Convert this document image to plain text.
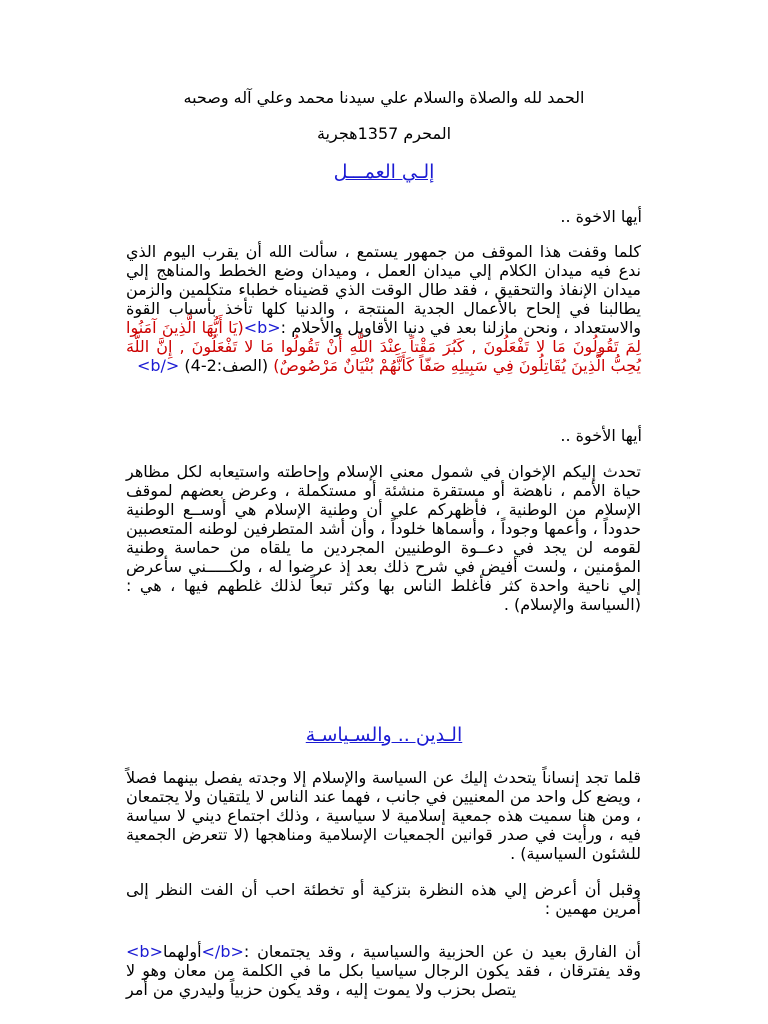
الحمد لله والصلاة والسلام علي سيدنا محمد وعلي آله وصحبه
المحرم 1357هجرية
إلـي العمـــل
أيها الاخوة ..
كلما وقفت هذا الموقف من جمهور يستمع ، سألت الله أن يقرب اليوم الذي ندع فيه ميدان الكلام إلي ميدان العمل ، وميدان وضع الخطط والمناهج إلي ميدان الإنفاذ والتحقيق ، فقد طال الوقت الذي قضيناه خطباء متكلمين والزمن يطالبنا في إلحاح بالأعمال الجدية المنتجة ، والدنيا كلها تأخذ بأسباب القوة والاستعداد ، ونحن مازلنا بعد في دنيا الأقاويل والأحلام :<b>(يَا أَيُّهَا الَّذِينَ آمَنُوا لِمَ تَقُولُونَ مَا لا تَفْعَلُونَ , كَبُرَ مَقْتاً عِنْدَ اللَّهِ أَنْ تَقُولُوا مَا لا تَفْعَلُونَ , إِنَّ اللَّهَ يُحِبُّ الَّذِينَ يُقَاتِلُونَ فِي سَبِيلِهِ صَفّاً كَأَنَّهُمْ بُنْيَانٌ مَرْصُوصٌ) (الصف:2-4) </b>
أيها الأخوة ..
تحدث إليكم الإخوان في شمول معني الإسلام وإحاطته واستيعابه لكل مظاهر حياة الأمم ، ناهضة أو مستقرة منشئة أو مستكملة ، وعرض بعضهم لموقف الإسلام من الوطنية ، فأظهركم علي أن وطنية الإسلام هي أوســع الوطنية حدوداً ، وأعمها وجوداً ، وأسماها خلوداً ، وأن أشد المتطرفين لوطنه المتعصبين لقومه لن يجد في دعــوة الوطنيين المجردين ما يلقاه من حماسة وطنية المؤمنين ، ولست أفيض في شرح ذلك بعد إذ عرضوا له ، ولكـــــني سأعرض إلي ناحية واحدة كثر فأغلط الناس بها وكثر تبعاً لذلك غلطهم فيها ، هي : (السياسة والإسلام) .
الـدين .. والسـياسـة
قلما تجد إنساناً يتحدث إليك عن السياسة والإسلام إلا وجدته يفصل بينهما فصلاً ، ويضع كل واحد من المعنيين في جانب ، فهما عند الناس لا يلتقيان ولا يجتمعان ، ومن هنا سميت هذه جمعية إسلامية لا سياسية ، وذلك اجتماع ديني لا سياسة فيه ، ورأيت في صدر قوانين الجمعيات الإسلامية ومناهجها (لا تتعرض الجمعية للشئون السياسية) .
وقبل أن أعرض إلي هذه النظرة بتزكية أو تخطئة احب أن الفت النظر إلى أمرين مهمين :
<b>أولهما</b>: أن الفارق بعيد ن عن الحزبية والسياسية ، وقد يجتمعان وقد يفترقان ، فقد يكون الرجال سياسيا بكل ما في الكلمة من معان وهو لا يتصل بحزب ولا يموت إليه ، وقد يكون حزبياً وليدري من أمر
